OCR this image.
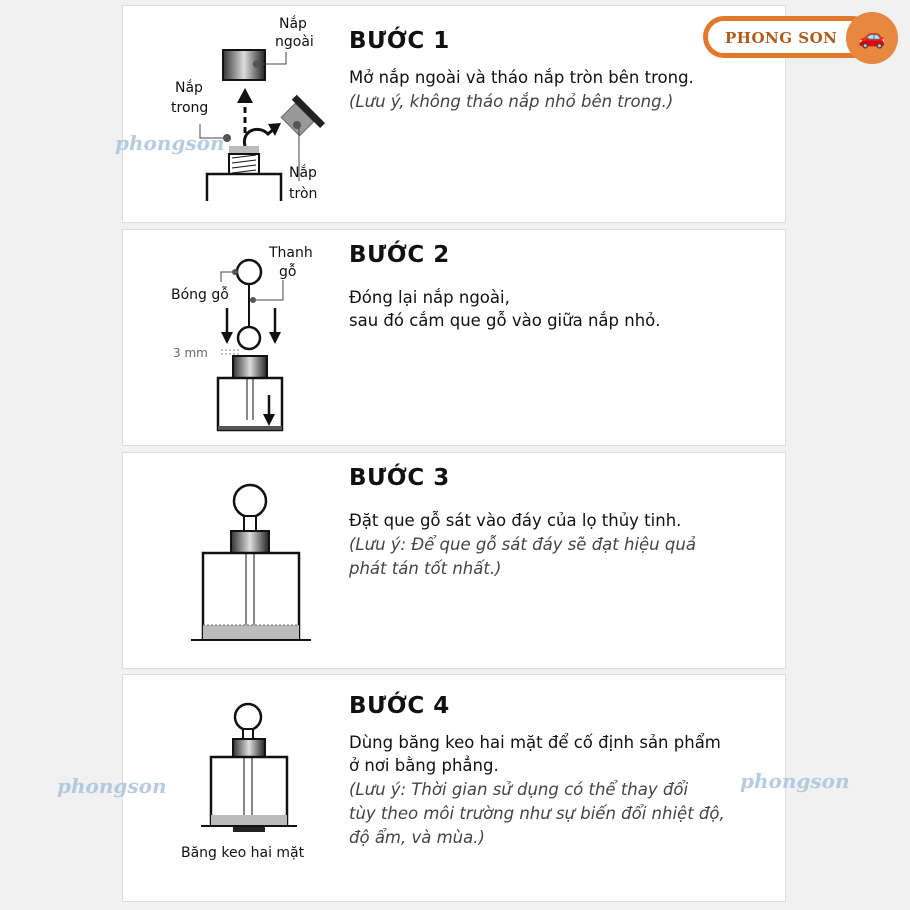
Nắp
ngoài
Nắp
trong
Nắp
tròn
BƯỚC 1
Mở nắp ngoài và tháo nắp tròn bên trong.
(Lưu ý, không tháo nắp nhỏ bên trong.)
Thanh
gỗ
Bóng gỗ
3 mm
BƯỚC 2
Đóng lại nắp ngoài,
sau đó cắm que gỗ vào giữa nắp nhỏ.
BƯỚC 3
Đặt que gỗ sát vào đáy của lọ thủy tinh.
(Lưu ý: Để que gỗ sát đáy sẽ đạt hiệu quả
phát tán tốt nhất.)
Băng keo hai mặt
BƯỚC 4
Dùng băng keo hai mặt để cố định sản phẩm
ở nơi bằng phẳng.
(Lưu ý: Thời gian sử dụng có thể thay đổi
tùy theo môi trường như sự biến đổi nhiệt độ,
độ ẩm, và mùa.)
PHONG SON 🚗
phongson
phongson	phongson
